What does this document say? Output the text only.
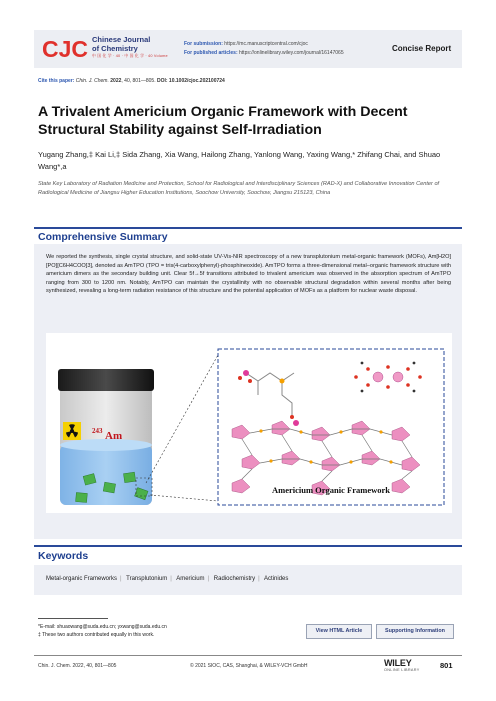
CJC Chinese Journal
of Chemistry
中 国 化 学 · 40 · 中 国 化 学 · 40 Volume
For submission: https://mc.manuscriptcentral.com/cjoc
For published articles: https://onlinelibrary.wiley.com/journal/16147065	Concise Report
Cite this paper: Chin. J. Chem. 2022, 40, 801—805. DOI: 10.1002/cjoc.202100724
A Trivalent Americium Organic Framework with Decent Structural Stability against Self-Irradiation
Yugang Zhang,‡ Kai Li,‡ Sida Zhang, Xia Wang, Hailong Zhang, Yanlong Wang, Yaxing Wang,* Zhifang Chai, and Shuao Wang*,a
State Key Laboratory of Radiation Medicine and Protection, School for Radiological and Interdisciplinary Sciences (RAD-X) and Collaborative Innovation Center of Radiological Medicine of Jiangsu Higher Education Institutions, Soochow University, Soochow, Jiangsu 215123, China
Comprehensive Summary
We reported the synthesis, single crystal structure, and solid-state UV-Vis-NIR spectroscopy of a new transplutonium metal-organic framework (MOFs), Am[H2O][PO][C6H4COO]3], denoted as AmTPO (TPO = tris(4-carboxylphenyl)-phosphineoxide). AmTPO forms a three-dimensional metal–organic framework structure with americium dimers as the secondary building unit. Clear 5f→5f transitions attributed to trivalent americium was observed in the absorption spectrum of AmTPO ranging from 300 to 1200 nm. Notably, AmTPO can maintain the crystallinity with no observable structural degradation within several months after being synthesized, revealing a long-term radiation resistance of this structure and the potential application of MOFs as a platform for nuclear waste disposal.
243 Am
Americium Organic Framework
Keywords
Metal-organic Frameworks | Transplutonium | Americium | Radiochemistry | Actinides
*E-mail: shuaowang@suda.edu.cn; yxwang@suda.edu.cn
‡ These two authors contributed equally in this work.
View HTML Article	Supporting Information
Chin. J. Chem. 2022, 40, 801—805	© 2021 SIOC, CAS, Shanghai, & WILEY-VCH GmbH	WILEY
ONLINE LIBRARY	801
